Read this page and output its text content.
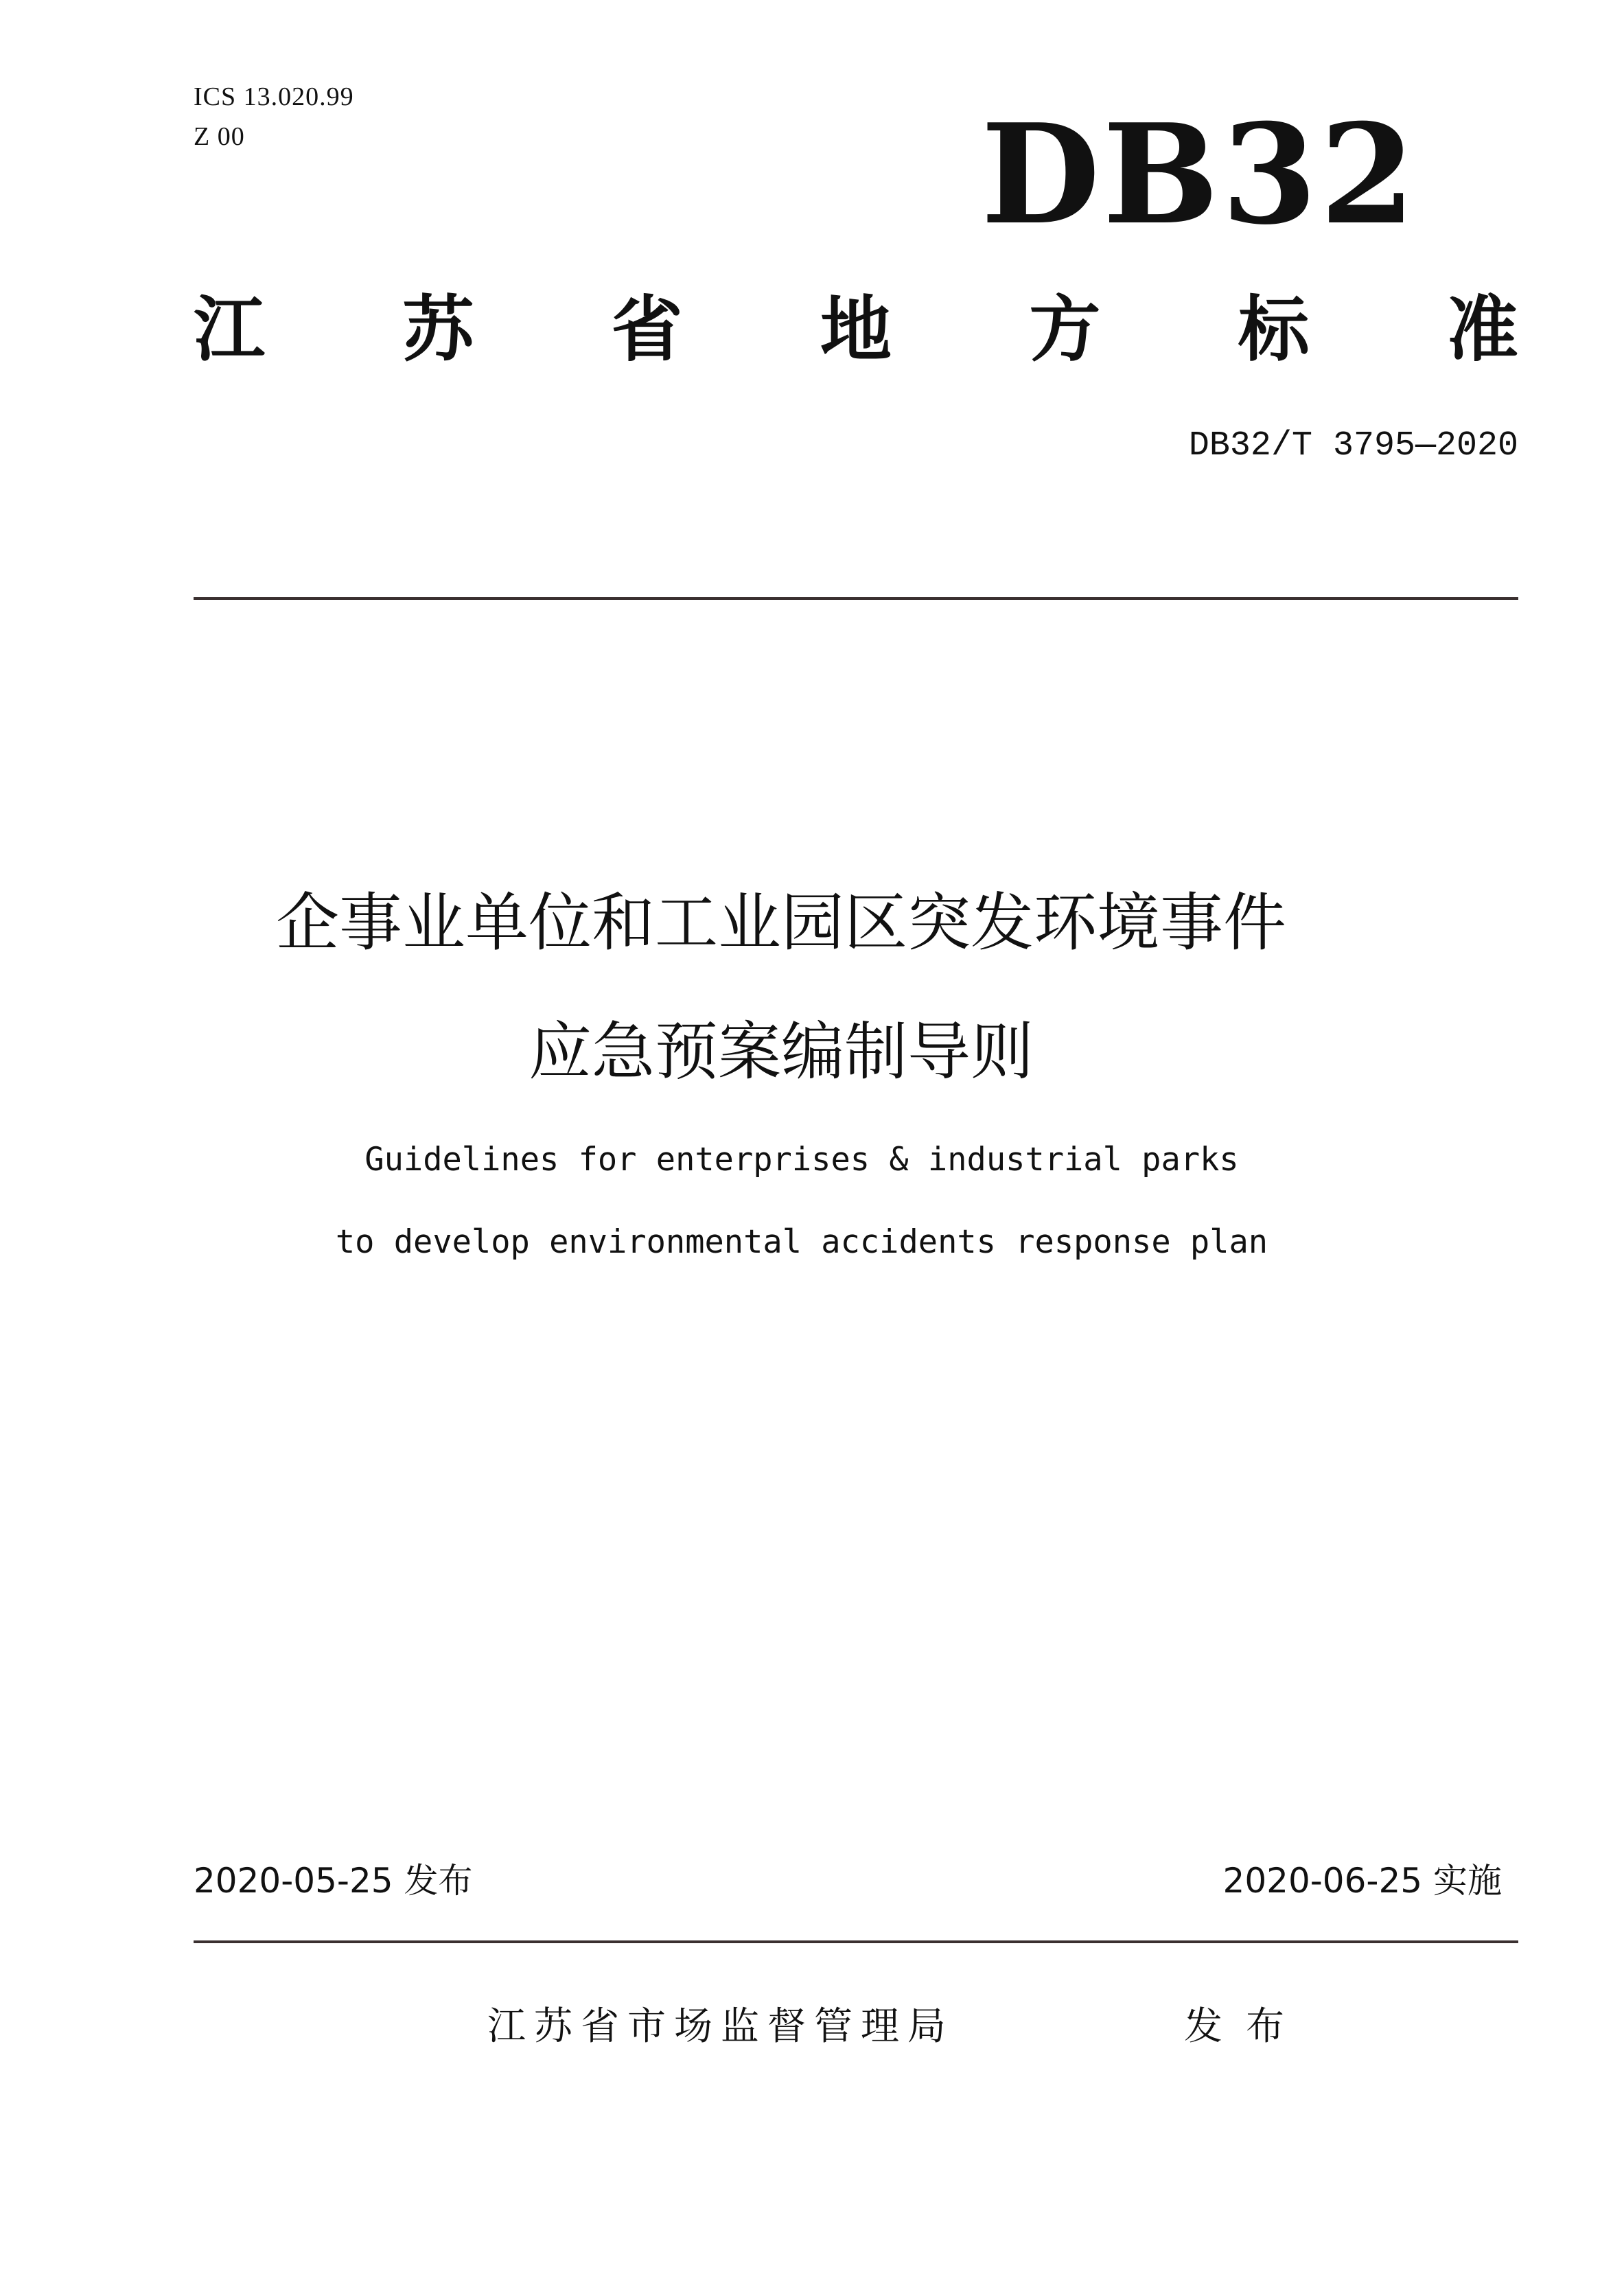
ICS 13.020.99
Z 00	DB32
江 苏 省 地 方 标 准
DB32/T 3795—2020
企事业单位和工业园区突发环境事件
应急预案编制导则
Guidelines for enterprises & industrial parks
to develop environmental accidents response plan
2020-05-25 发布	2020-06-25 实施
江苏省市场监督管理局	发布
